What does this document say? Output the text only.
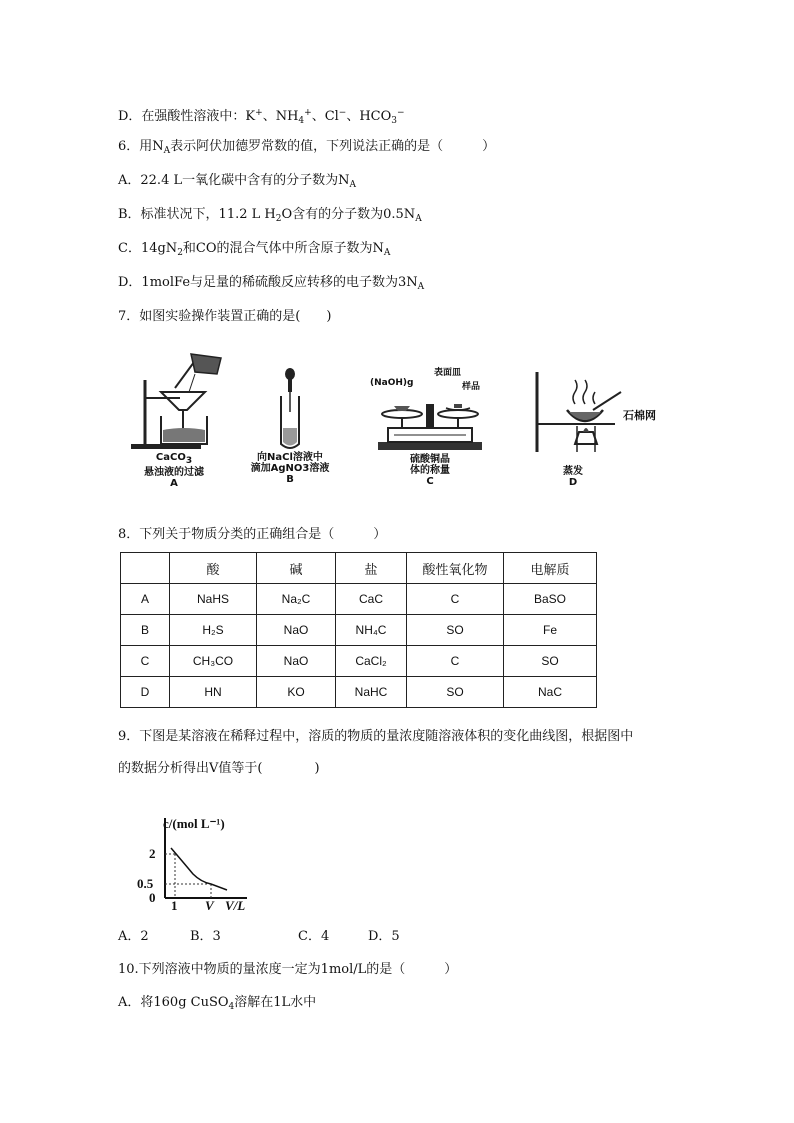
D．在强酸性溶液中：K+、$NH_4^+$、Cl−、$HCO_3^-$
6．用$N_A$表示阿伏加德罗常数的值，下列说法正确的是（　　　）
A．22.4 L一氧化碳中含有的分子数为$N_A$
B．标准状况下，11.2 L $H_2O$含有的分子数为$0.5N_A$
C．$14gN_2$和CO的混合气体中所含原子数为$N_A$
D．1molFe与足量的稀硫酸反应转移的电子数为$3N_A$
7．如图实验操作装置正确的是(　　)
CaCO$_3$
悬浊液的过滤
A
向NaCl溶液中
滴加AgNO3溶液
B
(NaOH)g
表面皿
样品
硫酸铜晶
体的称量
C
石棉网
蒸发
D
8．下列关于物质分类的正确组合是（　　　）
	酸	碱	盐	酸性氧化物	电解质
A	NaHS	Na₂C	CaC	C	BaSO
B	H₂S	NaO	NH₄C	SO	Fe
C	CH₃CO	NaO	CaCl₂	C	SO
D	HN	KO	NaHC	SO	NaC
9．下图是某溶液在稀释过程中，溶质的物质的量浓度随溶液体积的变化曲线图，根据图中
的数据分析得出V值等于(　　　　)
c/(mol L⁻¹)
2
0.5
0
1 V V/L
A．2	B．3	C．4	D．5
10.下列溶液中物质的量浓度一定为1mol/L的是（　　　）
A．将160g CuSO$_4$溶解在1L水中
